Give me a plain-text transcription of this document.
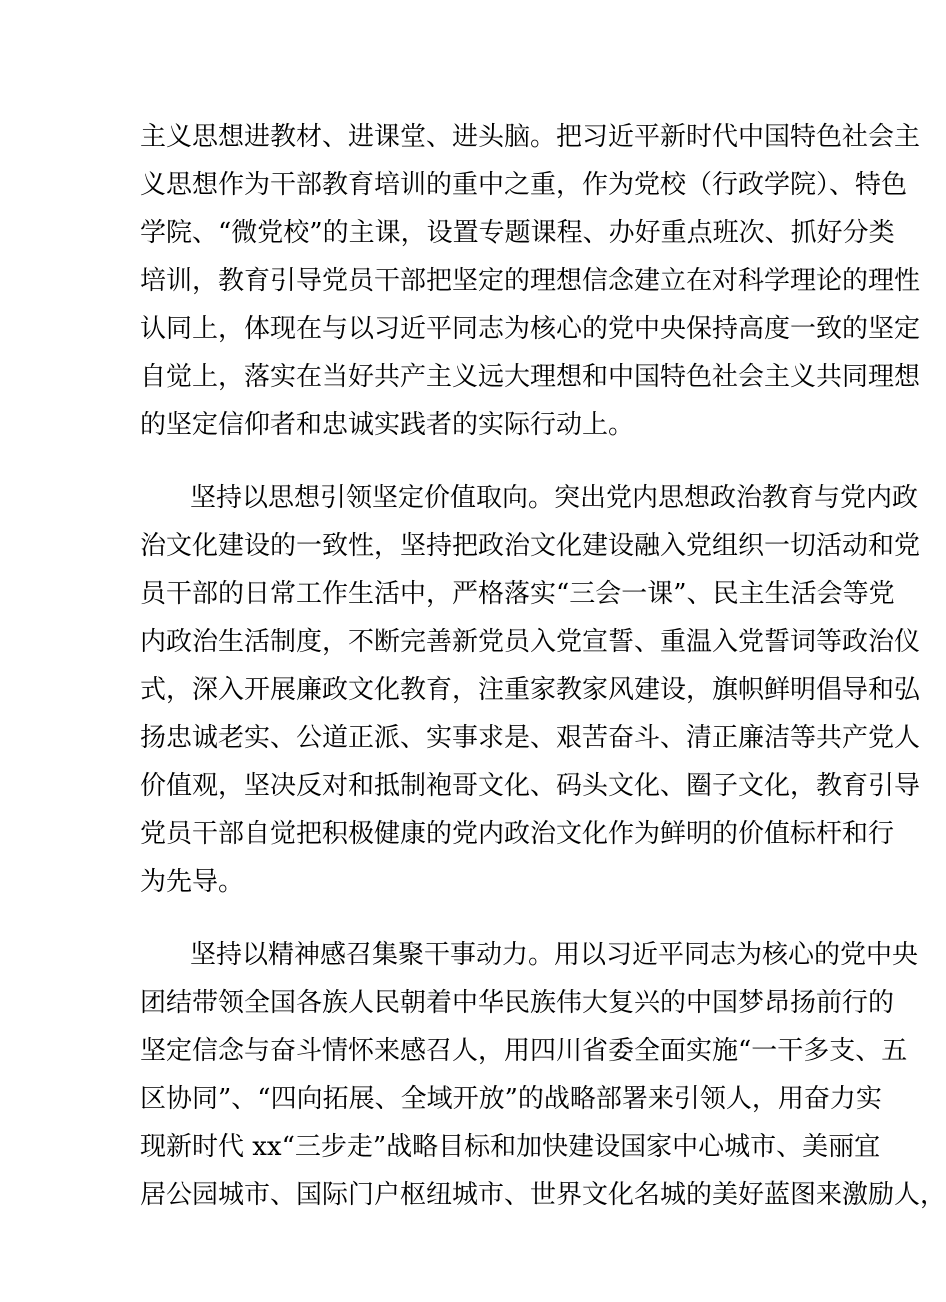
主义思想进教材、进课堂、进头脑。把习近平新时代中国特色社会主
义思想作为干部教育培训的重中之重，作为党校（行政学院）、特色
学院、“微党校”的主课，设置专题课程、办好重点班次、抓好分类
培训，教育引导党员干部把坚定的理想信念建立在对科学理论的理性
认同上，体现在与以习近平同志为核心的党中央保持高度一致的坚定
自觉上，落实在当好共产主义远大理想和中国特色社会主义共同理想
的坚定信仰者和忠诚实践者的实际行动上。
坚持以思想引领坚定价值取向。突出党内思想政治教育与党内政
治文化建设的一致性，坚持把政治文化建设融入党组织一切活动和党
员干部的日常工作生活中，严格落实“三会一课”、民主生活会等党
内政治生活制度，不断完善新党员入党宣誓、重温入党誓词等政治仪
式，深入开展廉政文化教育，注重家教家风建设，旗帜鲜明倡导和弘
扬忠诚老实、公道正派、实事求是、艰苦奋斗、清正廉洁等共产党人
价值观，坚决反对和抵制袍哥文化、码头文化、圈子文化，教育引导
党员干部自觉把积极健康的党内政治文化作为鲜明的价值标杆和行
为先导。
坚持以精神感召集聚干事动力。用以习近平同志为核心的党中央
团结带领全国各族人民朝着中华民族伟大复兴的中国梦昂扬前行的
坚定信念与奋斗情怀来感召人，用四川省委全面实施“一干多支、五
区协同”、“四向拓展、全域开放”的战略部署来引领人，用奋力实
现新时代 xx“三步走”战略目标和加快建设国家中心城市、美丽宜
居公园城市、国际门户枢纽城市、世界文化名城的美好蓝图来激励人，
